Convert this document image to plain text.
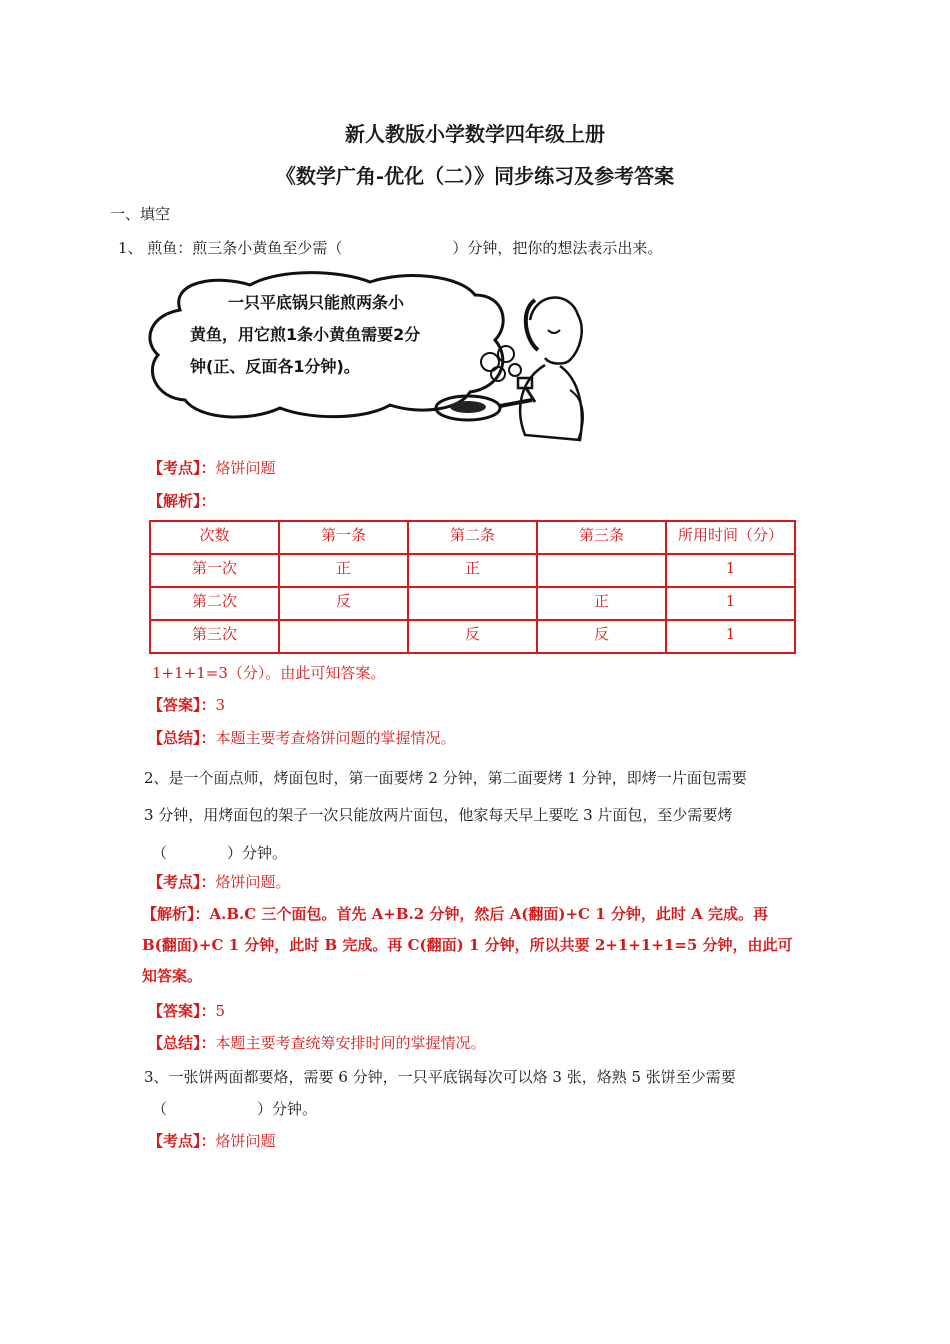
新人教版小学数学四年级上册
《数学广角-优化（二）》同步练习及参考答案
一、填空
1、 煎鱼：煎三条小黄鱼至少需（	）分钟，把你的想法表示出来。
一只平底锅只能煎两条小
黄鱼，用它煎1条小黄鱼需要2分
钟(正、反面各1分钟)。
【考点】：烙饼问题
【解析】：
次数	第一条	第二条	第三条	所用时间（分）
第一次	正	正		1
第二次	反		正	1
第三次		反	反	1
1+1+1=3（分）。由此可知答案。
【答案】：3
【总结】：本题主要考查烙饼问题的掌握情况。
2、是一个面点师，烤面包时，第一面要烤 2 分钟，第二面要烤 1 分钟，即烤一片面包需要
3 分钟，用烤面包的架子一次只能放两片面包，他家每天早上要吃 3 片面包，至少需要烤
（	）分钟。
【考点】：烙饼问题。
【解析】：A.B.C 三个面包。首先 A+B.2 分钟，然后 A(翻面)+C 1 分钟，此时 A 完成。再 B(翻面)+C 1 分钟，此时 B 完成。再 C(翻面) 1 分钟，所以共要 2+1+1+1=5 分钟，由此可知答案。
【答案】：5
【总结】：本题主要考查统筹安排时间的掌握情况。
3、一张饼两面都要烙，需要 6 分钟，一只平底锅每次可以烙 3 张，烙熟 5 张饼至少需要
（	）分钟。
【考点】：烙饼问题
